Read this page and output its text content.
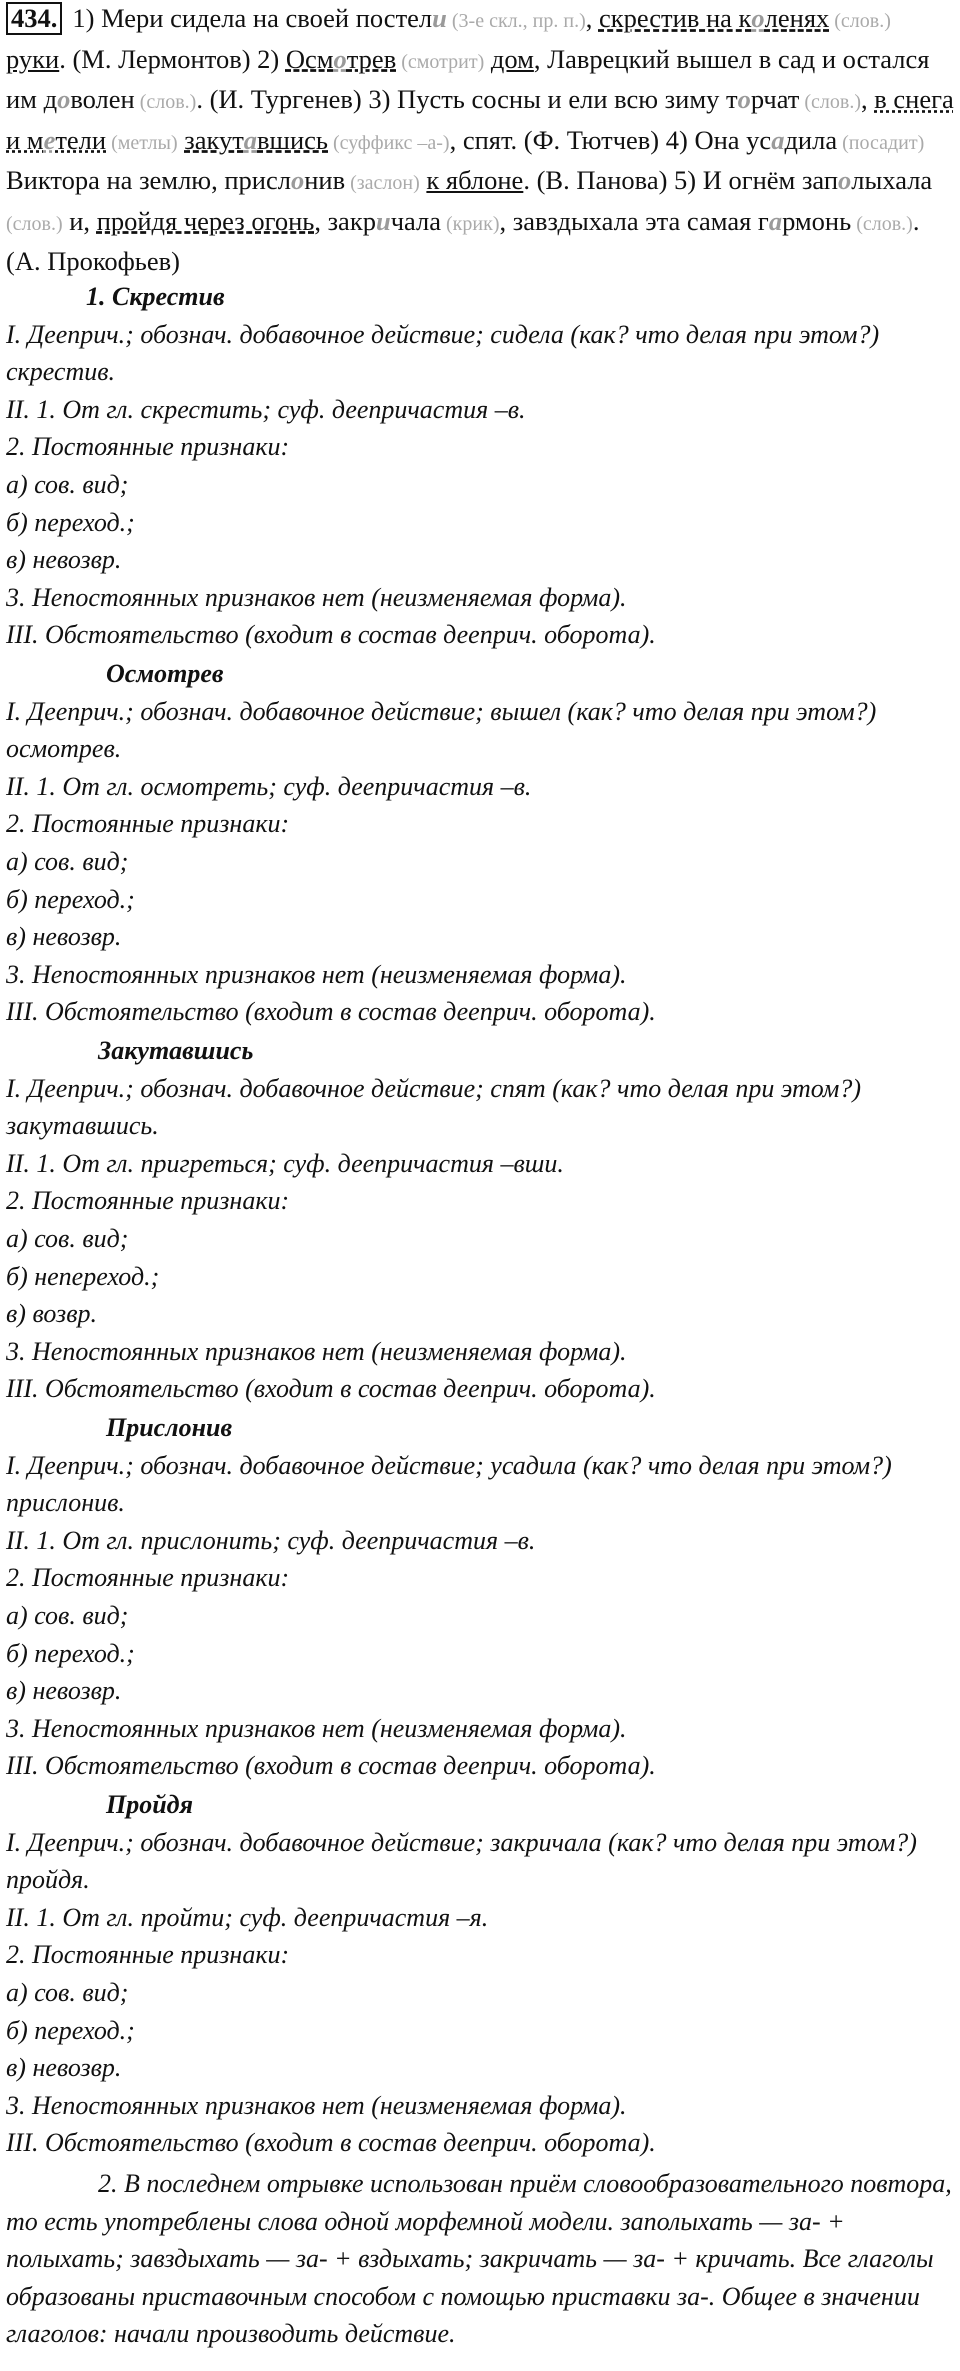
434. 1) Мери сидела на своей постели (3-е скл., пр. п.), скрестив на коленях (слов.) руки. (М. Лермонтов) 2) Осмотрев (смотрит) дом, Лаврецкий вышел в сад и остался им доволен (слов.). (И. Тургенев) 3) Пусть сосны и ели всю зиму торчат (слов.), в снега и метели (метлы) закутавшись (суффикс –а-), спят. (Ф. Тютчев) 4) Она усадила (посадит) Виктора на землю, прислонив (заслон) к яблоне. (В. Панова) 5) И огнём заполыхала (слов.) и, пройдя через огонь, закричала (крик), завздыхала эта самая гармонь (слов.). (А. Прокофьев)
1. Скрестив
I. Дееприч.; обознач. добавочное действие; сидела (как? что делая при этом?) скрестив.
II. 1. От гл. скрестить; суф. деепричастия –в.
2. Постоянные признаки:
а) сов. вид;
б) переход.;
в) невозвр.
3. Непостоянных признаков нет (неизменяемая форма).
III. Обстоятельство (входит в состав дееприч. оборота).
Осмотрев
I. Дееприч.; обознач. добавочное действие; вышел (как? что делая при этом?) осмотрев.
II. 1. От гл. осмотреть; суф. деепричастия –в.
2. Постоянные признаки:
а) сов. вид;
б) переход.;
в) невозвр.
3. Непостоянных признаков нет (неизменяемая форма).
III. Обстоятельство (входит в состав дееприч. оборота).
Закутавшись
I. Дееприч.; обознач. добавочное действие; спят (как? что делая при этом?) закутавшись.
II. 1. От гл. пригреться; суф. деепричастия –вши.
2. Постоянные признаки:
а) сов. вид;
б) непереход.;
в) возвр.
3. Непостоянных признаков нет (неизменяемая форма).
III. Обстоятельство (входит в состав дееприч. оборота).
Прислонив
I. Дееприч.; обознач. добавочное действие; усадила (как? что делая при этом?) прислонив.
II. 1. От гл. прислонить; суф. деепричастия –в.
2. Постоянные признаки:
а) сов. вид;
б) переход.;
в) невозвр.
3. Непостоянных признаков нет (неизменяемая форма).
III. Обстоятельство (входит в состав дееприч. оборота).
Пройдя
I. Дееприч.; обознач. добавочное действие; закричала (как? что делая при этом?) пройдя.
II. 1. От гл. пройти; суф. деепричастия –я.
2. Постоянные признаки:
а) сов. вид;
б) переход.;
в) невозвр.
3. Непостоянных признаков нет (неизменяемая форма).
III. Обстоятельство (входит в состав дееприч. оборота).
2. В последнем отрывке использован приём словообразовательного повтора, то есть употреблены слова одной морфемной модели. заполыхать — за- + полыхать; завздыхать — за- + вздыхать; закричать — за- + кричать. Все глаголы образованы приставочным способом с помощью приставки за-. Общее в значении глаголов: начали производить действие.
